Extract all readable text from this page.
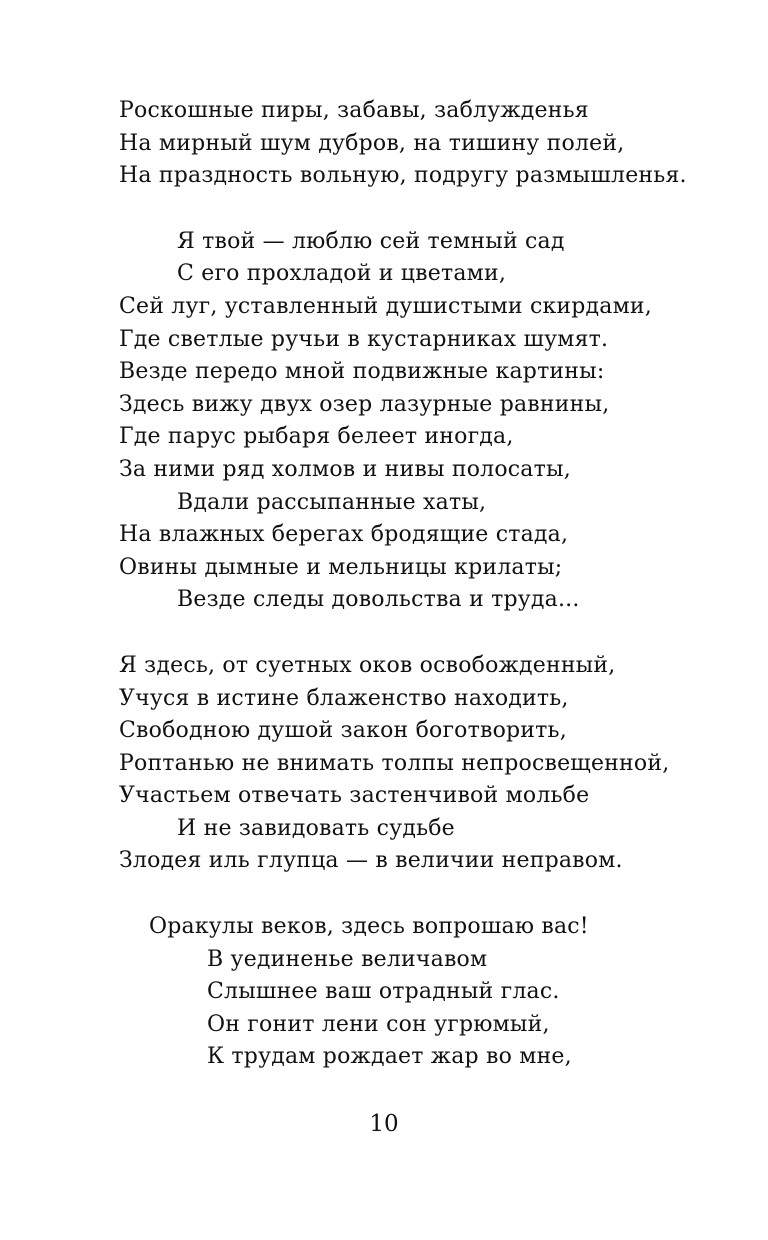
Роскошные пиры, забавы, заблужденья
На мирный шум дубров, на тишину полей,
На праздность вольную, подругу размышленья.
Я твой — люблю сей темный сад
С его прохладой и цветами,
Сей луг, уставленный душистыми скирдами,
Где светлые ручьи в кустарниках шумят.
Везде передо мной подвижные картины:
Здесь вижу двух озер лазурные равнины,
Где парус рыбаря белеет иногда,
За ними ряд холмов и нивы полосаты,
Вдали рассыпанные хаты,
На влажных берегах бродящие стада,
Овины дымные и мельницы крилаты;
Везде следы довольства и труда...
Я здесь, от суетных оков освобожденный,
Учуся в истине блаженство находить,
Свободною душой закон боготворить,
Роптанью не внимать толпы непросвещенной,
Участьем отвечать застенчивой мольбе
И не завидовать судьбе
Злодея иль глупца — в величии неправом.
Оракулы веков, здесь вопрошаю вас!
В уединенье величавом
Слышнее ваш отрадный глас.
Он гонит лени сон угрюмый,
К трудам рождает жар во мне,
10
